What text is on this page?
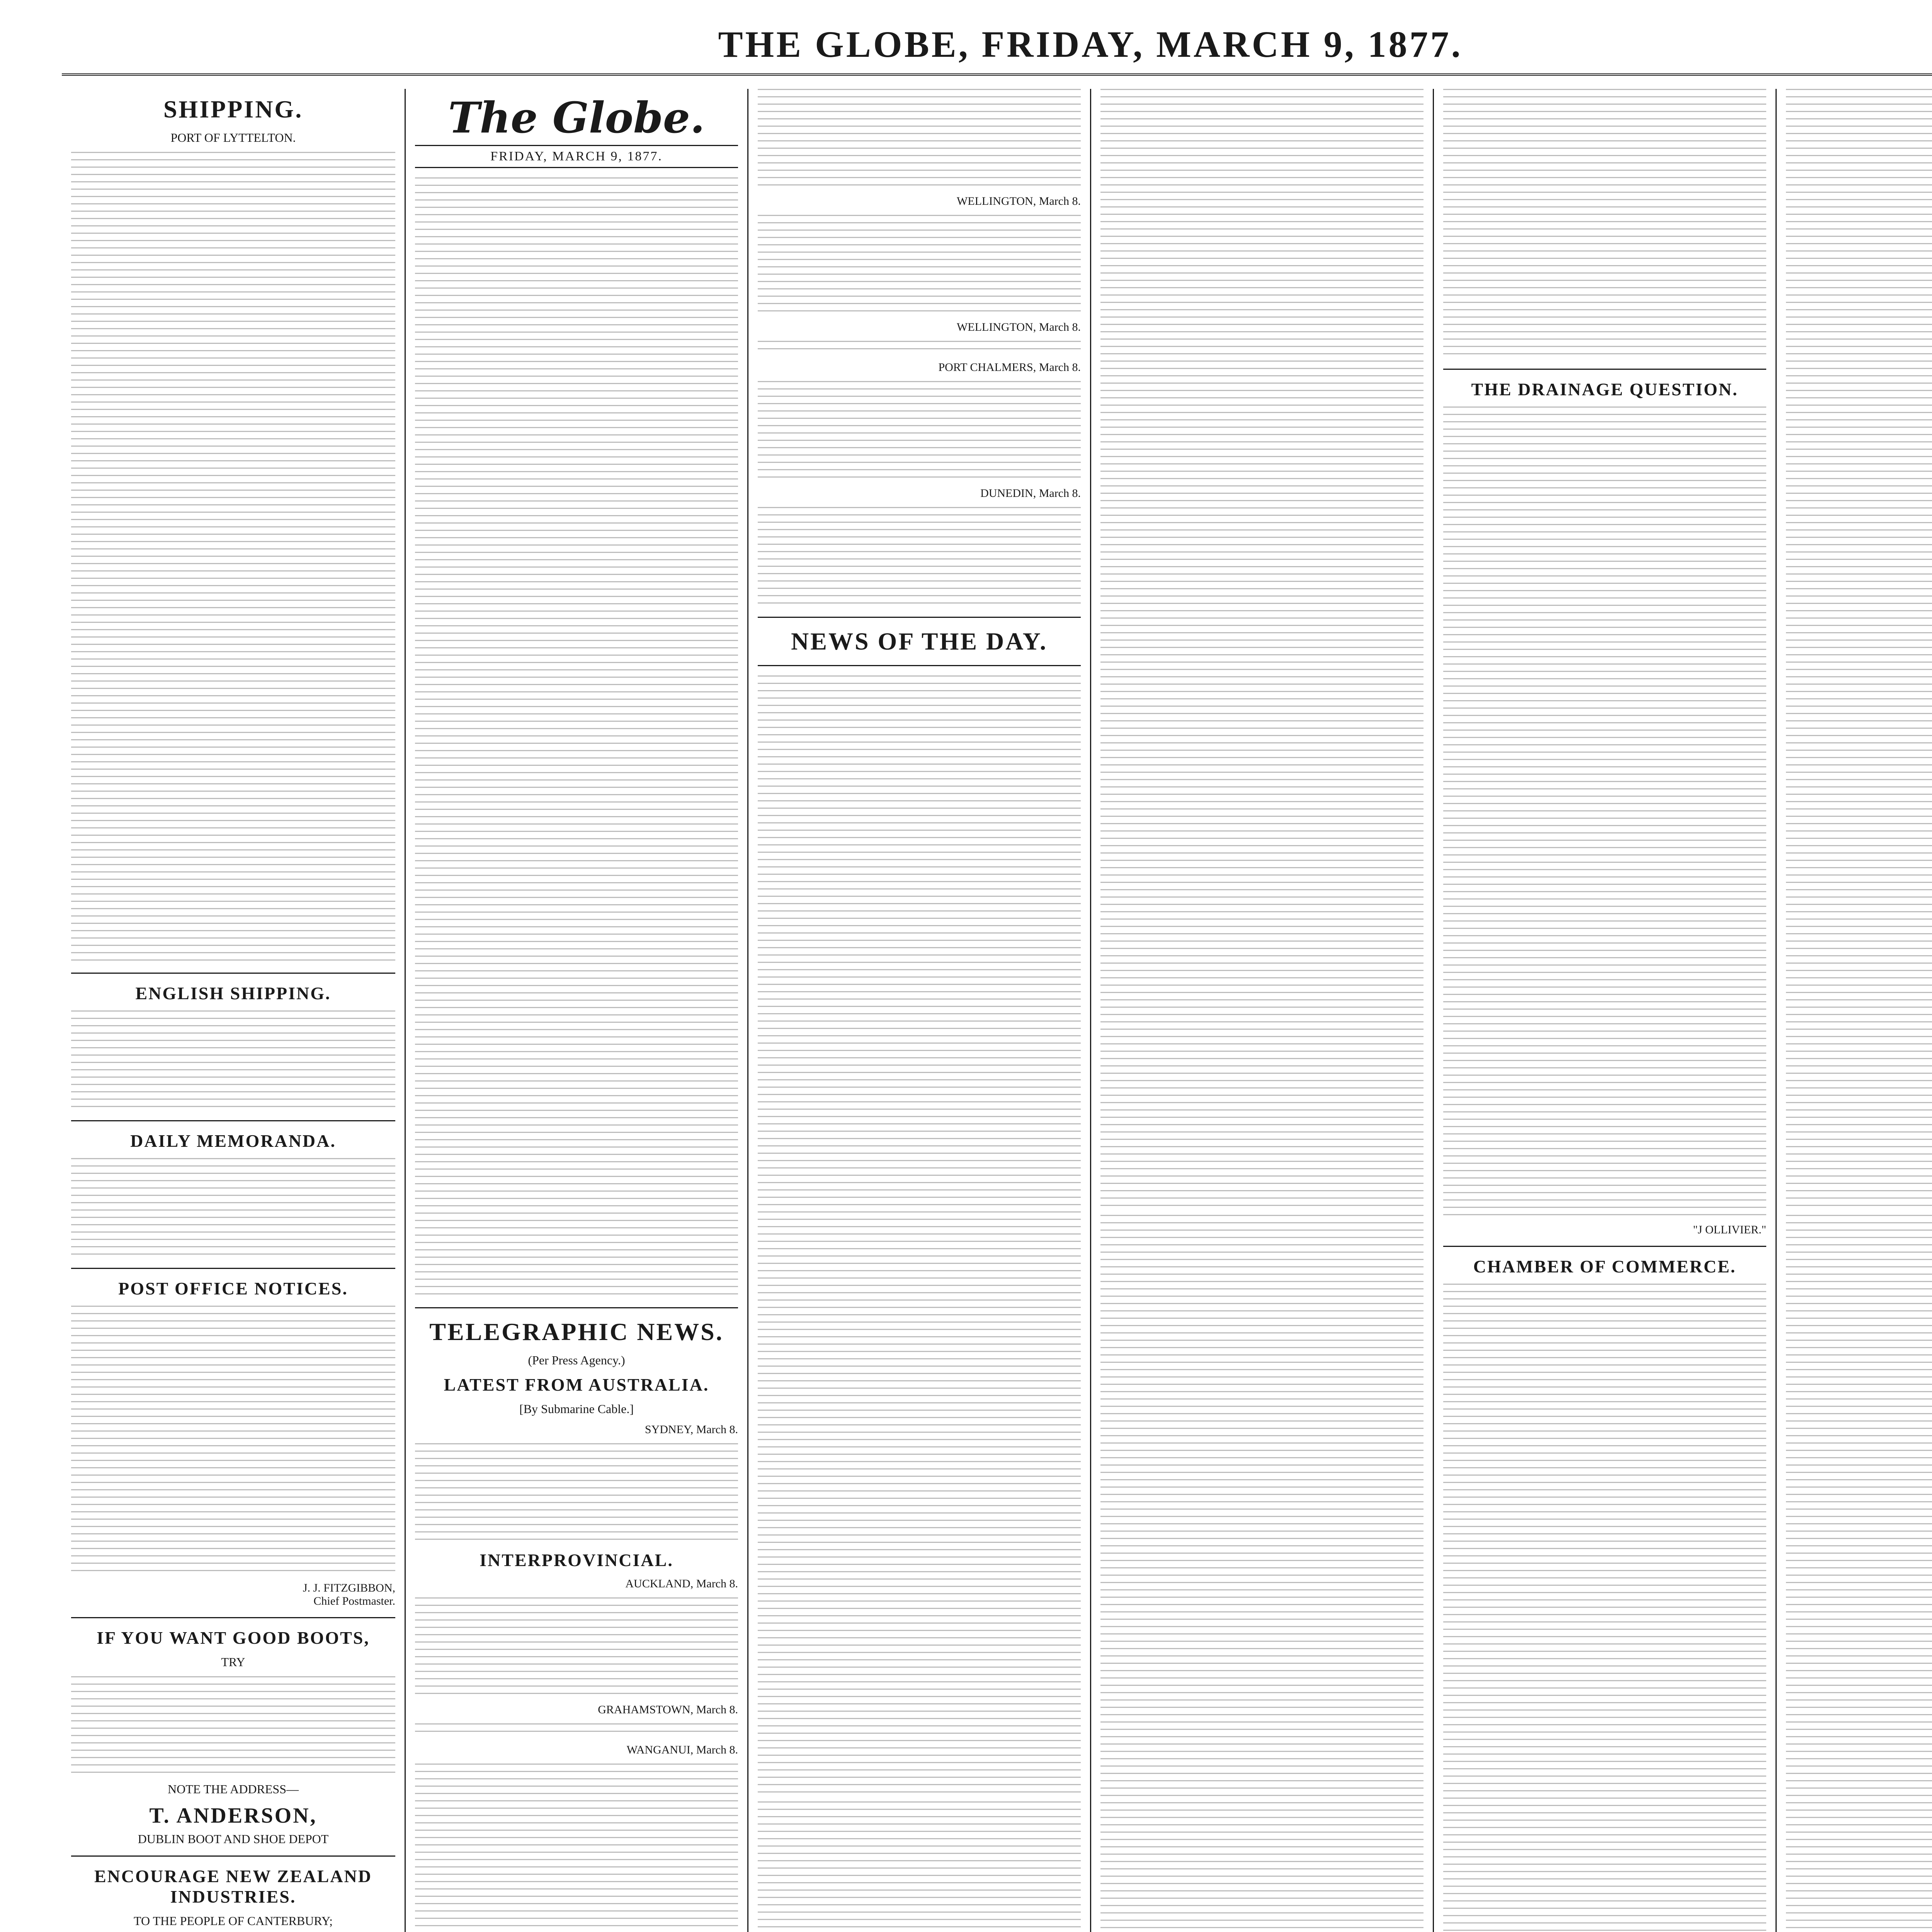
THE GLOBE, FRIDAY, MARCH 9, 1877.
SHIPPING.
PORT OF LYTTELTON.
ENGLISH SHIPPING.
DAILY MEMORANDA.
POST OFFICE NOTICES.
J. J. FITZGIBBON,
Chief Postmaster.
IF YOU WANT GOOD BOOTS,
TRY
NOTE THE ADDRESS—
T. ANDERSON,
DUBLIN BOOT AND SHOE DEPOT
ENCOURAGE NEW ZEALAND INDUSTRIES.
TO THE PEOPLE OF CANTERBURY;
The Globe.
FRIDAY, MARCH 9, 1877.
TELEGRAPHIC NEWS.
(Per Press Agency.)
LATEST FROM AUSTRALIA.
[By Submarine Cable.]
SYDNEY, March 8.
INTERPROVINCIAL.
AUCKLAND, March 8.
GRAHAMSTOWN, March 8.
WANGANUI, March 8.
WELLINGTON, March 8.
WELLINGTON, March 8.
PORT CHALMERS, March 8.
DUNEDIN, March 8.
NEWS OF THE DAY.
THE DRAINAGE QUESTION.
"J OLLIVIER."
CHAMBER OF COMMERCE.
